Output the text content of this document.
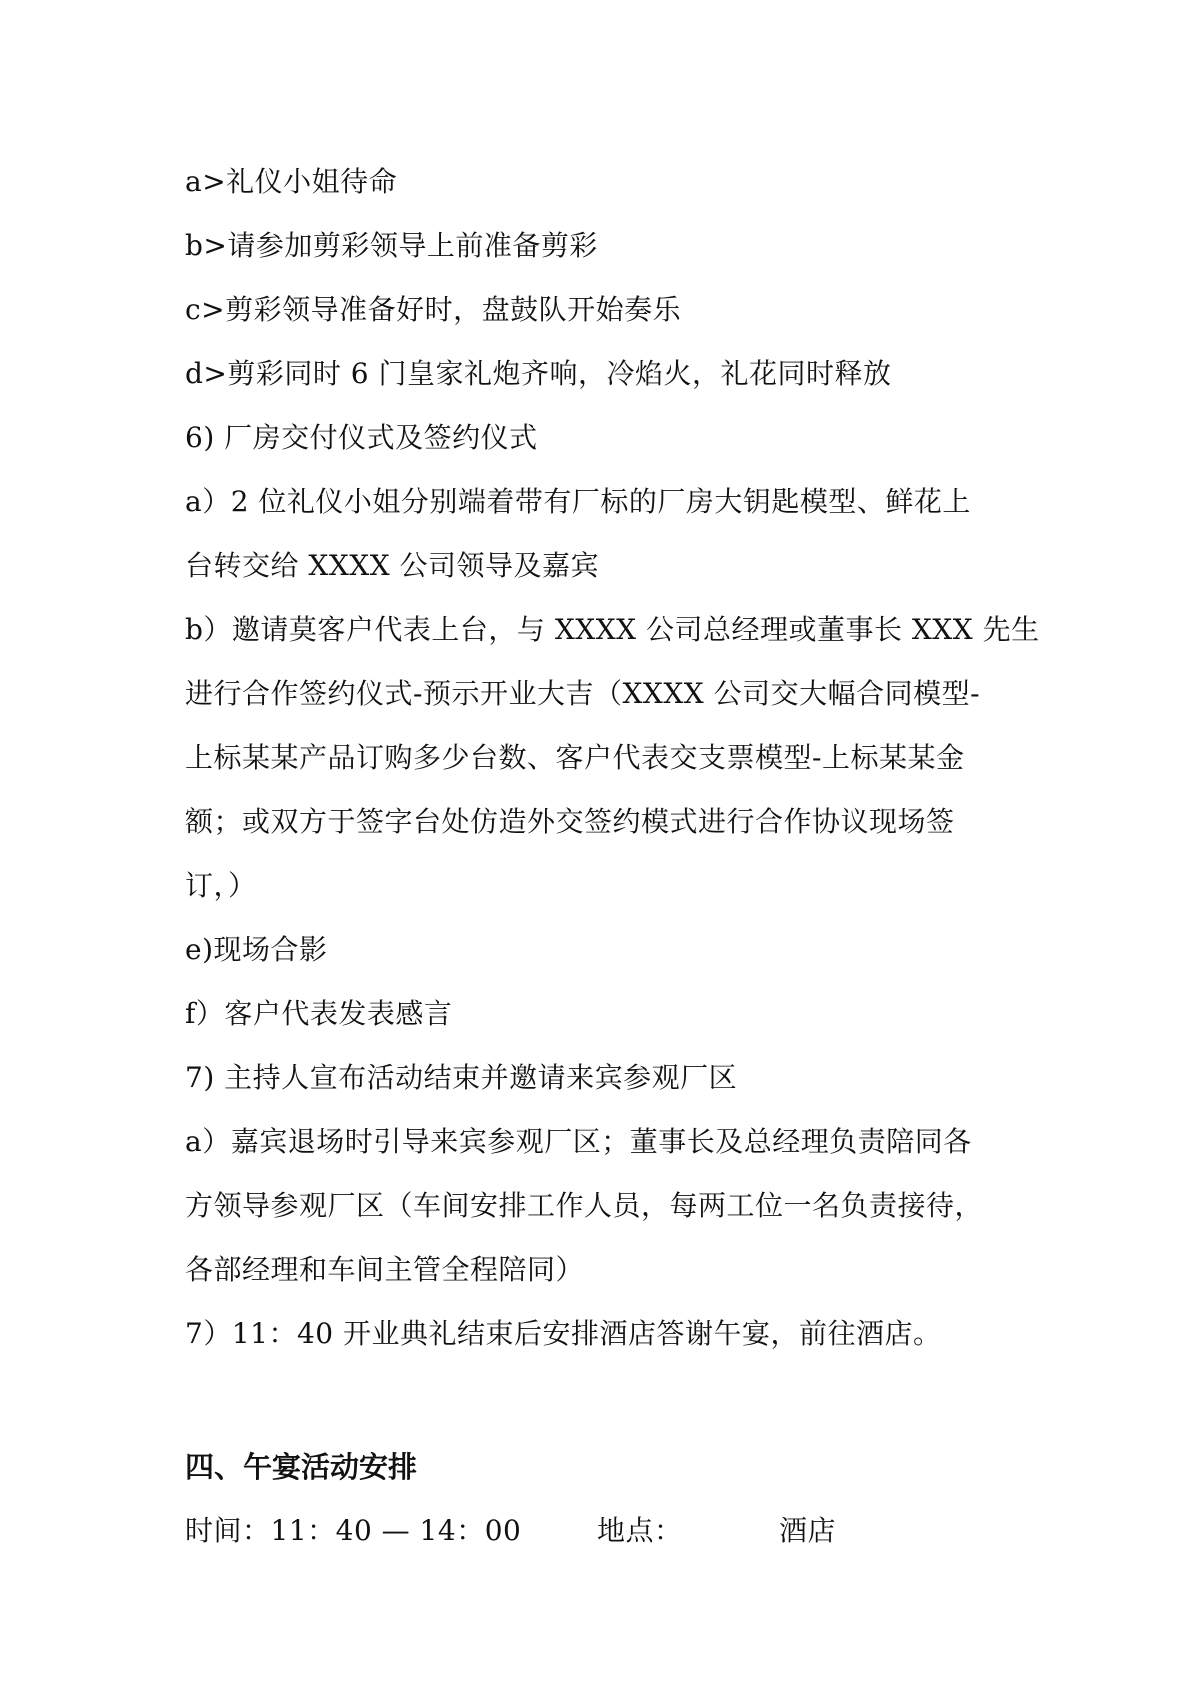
a>礼仪小姐待命
b>请参加剪彩领导上前准备剪彩
c>剪彩领导准备好时，盘鼓队开始奏乐
d>剪彩同时 6 门皇家礼炮齐响，冷焰火，礼花同时释放
6) 厂房交付仪式及签约仪式
a）2 位礼仪小姐分别端着带有厂标的厂房大钥匙模型、鲜花上
台转交给 XXXX 公司领导及嘉宾
b）邀请莫客户代表上台，与 XXXX 公司总经理或董事长 XXX 先生
进行合作签约仪式-预示开业大吉（XXXX 公司交大幅合同模型-
上标某某产品订购多少台数、客户代表交支票模型-上标某某金
额；或双方于签字台处仿造外交签约模式进行合作协议现场签
订，）
e)现场合影
f）客户代表发表感言
7) 主持人宣布活动结束并邀请来宾参观厂区
a）嘉宾退场时引导来宾参观厂区；董事长及总经理负责陪同各
方领导参观厂区（车间安排工作人员，每两工位一名负责接待，
各部经理和车间主管全程陪同）
7）11：40 开业典礼结束后安排酒店答谢午宴，前往酒店。
四、午宴活动安排
时间：11：40 — 14：00	地点：	酒店
